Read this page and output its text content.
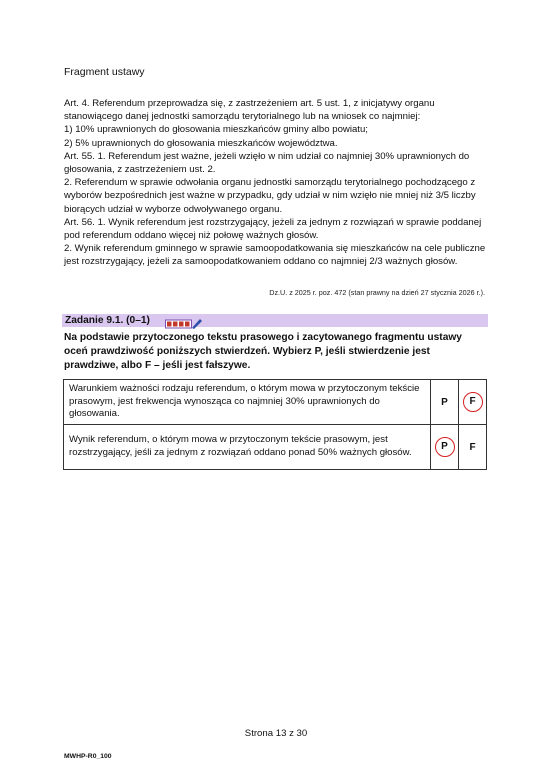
Fragment ustawy

Art. 4. Referendum przeprowadza się, z zastrzeżeniem art. 5 ust. 1, z inicjatywy organu stanowiącego danej jednostki samorządu terytorialnego lub na wniosek co najmniej:

1) 10% uprawnionych do głosowania mieszkańców gminy albo powiatu;

2) 5% uprawnionych do głosowania mieszkańców województwa.

Art. 55. 1. Referendum jest ważne, jeżeli wzięło w nim udział co najmniej 30% uprawnionych do głosowania, z zastrzeżeniem ust. 2.

2. Referendum w sprawie odwołania organu jednostki samorządu terytorialnego pochodzącego z wyborów bezpośrednich jest ważne w przypadku, gdy udział w nim wzięło nie mniej niż 3/5 liczby biorących udział w wyborze odwoływanego organu.

Art. 56. 1. Wynik referendum jest rozstrzygający, jeżeli za jednym z rozwiązań w sprawie poddanej pod referendum oddano więcej niż połowę ważnych głosów.

2. Wynik referendum gminnego w sprawie samoopodatkowania się mieszkańców na cele publiczne jest rozstrzygający, jeżeli za samoopodatkowaniem oddano co najmniej 2/3 ważnych głosów.

Dz.U. z 2025 r. poz. 472 (stan prawny na dzień 27 stycznia 2026 r.).
Zadanie 9.1. (0–1)

Na podstawie przytoczonego tekstu prasowego i zacytowanego fragmentu ustawy

oceń prawdziwość poniższych stwierdzeń. Wybierz P, jeśli stwierdzenie jest

prawdziwe, albo F – jeśli jest fałszywe.

Warunkiem ważności rodzaju referendum, o którym mowa w przytoczonym tekście prasowym, jest frekwencja wynosząca co najmniej 30% uprawnionych do głosowania.	P	F
Wynik referendum, o którym mowa w przytoczonym tekście prasowym, jest rozstrzygający, jeśli za jednym z rozwiązań oddano ponad 50% ważnych głosów.	P	F
Strona 13 z 30
MWHP-R0_100
